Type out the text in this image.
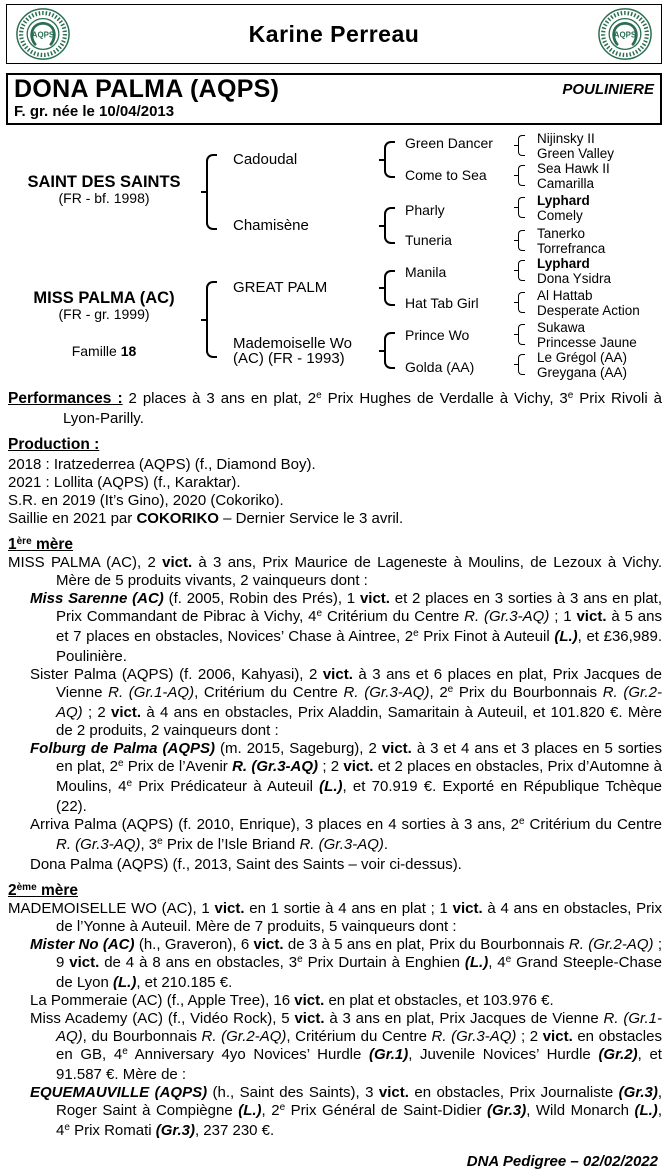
AQPS	Karine Perreau	AQPS
DONA PALMA (AQPS)	POULINIERE
F. gr. née le 10/04/2013
SAINT DES SAINTS
(FR - bf. 1998)
MISS PALMA (AC)
(FR - gr. 1999)
Famille 18
Cadoudal
Chamisène
GREAT PALM
Mademoiselle Wo
(AC) (FR - 1993)
Green Dancer
Come to Sea
Pharly
Tuneria
Manila
Hat Tab Girl
Prince Wo
Golda (AA)
Nijinsky II
Green Valley
Sea Hawk II
Camarilla
Lyphard
Comely
Tanerko
Torrefranca
Lyphard
Dona Ysidra
Al Hattab
Desperate Action
Sukawa
Princesse Jaune
Le Grégol (AA)
Greygana (AA)

Performances : 2 places à 3 ans en plat, 2e Prix Hughes de Verdalle à Vichy, 3e Prix Rivoli à Lyon-Parilly.

Production :

2018 : Iratzederrea (AQPS) (f., Diamond Boy).

2021 : Lollita (AQPS) (f., Karaktar).

S.R. en 2019 (It’s Gino), 2020 (Cokoriko).

Saillie en 2021 par COKORIKO – Dernier Service le 3 avril.

1ère mère

MISS PALMA (AC), 2 vict. à 3 ans, Prix Maurice de Lageneste à Moulins, de Lezoux à Vichy. Mère de 5 produits vivants, 2 vainqueurs dont :

Miss Sarenne (AC) (f. 2005, Robin des Prés), 1 vict. et 2 places en 3 sorties à 3 ans en plat, Prix Commandant de Pibrac à Vichy, 4e Critérium du Centre R. (Gr.3-AQ) ; 1 vict. à 5 ans et 7 places en obstacles, Novices’ Chase à Aintree, 2e Prix Finot à Auteuil (L.), et £36,989. Poulinière.

Sister Palma (AQPS) (f. 2006, Kahyasi), 2 vict. à 3 ans et 6 places en plat, Prix Jacques de Vienne R. (Gr.1-AQ), Critérium du Centre R. (Gr.3-AQ), 2e Prix du Bourbonnais R. (Gr.2-AQ) ; 2 vict. à 4 ans en obstacles, Prix Aladdin, Samaritain à Auteuil, et 101.820 €. Mère de 2 produits, 2 vainqueurs dont :

Folburg de Palma (AQPS) (m. 2015, Sageburg), 2 vict. à 3 et 4 ans et 3 places en 5 sorties en plat, 2e Prix de l’Avenir R. (Gr.3-AQ) ; 2 vict. et 2 places en obstacles, Prix d’Automne à Moulins, 4e Prix Prédicateur à Auteuil (L.), et 70.919 €. Exporté en République Tchèque (22).

Arriva Palma (AQPS) (f. 2010, Enrique), 3 places en 4 sorties à 3 ans, 2e Critérium du Centre R. (Gr.3-AQ), 3e Prix de l’Isle Briand R. (Gr.3-AQ).

Dona Palma (AQPS) (f., 2013, Saint des Saints – voir ci-dessus).

2ème mère

MADEMOISELLE WO (AC), 1 vict. en 1 sortie à 4 ans en plat ; 1 vict. à 4 ans en obstacles, Prix de l’Yonne à Auteuil. Mère de 7 produits, 5 vainqueurs dont :

Mister No (AC) (h., Graveron), 6 vict. de 3 à 5 ans en plat, Prix du Bourbonnais R. (Gr.2-AQ) ; 9 vict. de 4 à 8 ans en obstacles, 3e Prix Durtain à Enghien (L.), 4e Grand Steeple-Chase de Lyon (L.), et 210.185 €.

La Pommeraie (AC) (f., Apple Tree), 16 vict. en plat et obstacles, et 103.976 €.

Miss Academy (AC) (f., Vidéo Rock), 5 vict. à 3 ans en plat, Prix Jacques de Vienne R. (Gr.1-AQ), du Bourbonnais R. (Gr.2-AQ), Critérium du Centre R. (Gr.3-AQ) ; 2 vict. en obstacles en GB, 4e Anniversary 4yo Novices’ Hurdle (Gr.1), Juvenile Novices’ Hurdle (Gr.2), et 91.587 €. Mère de :

EQUEMAUVILLE (AQPS) (h., Saint des Saints), 3 vict. en obstacles, Prix Journaliste (Gr.3), Roger Saint à Compiègne (L.), 2e Prix Général de Saint-Didier (Gr.3), Wild Monarch (L.), 4e Prix Romati (Gr.3), 237 230 €.

DNA Pedigree – 02/02/2022
